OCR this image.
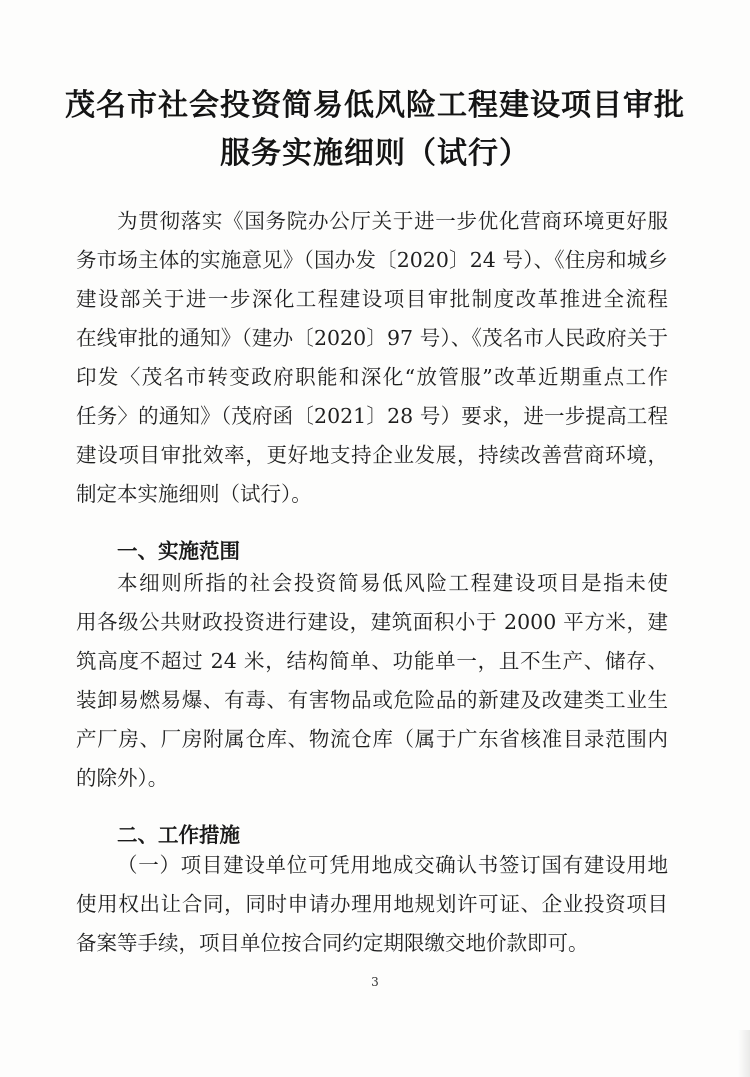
茂名市社会投资简易低风险工程建设项目审批
服务实施细则（试行）
为贯彻落实《国务院办公厅关于进一步优化营商环境更好服
务市场主体的实施意见》（国办发〔2020〕24 号）、《住房和城乡
建设部关于进一步深化工程建设项目审批制度改革推进全流程
在线审批的通知》（建办〔2020〕97 号）、《茂名市人民政府关于
印发〈茂名市转变政府职能和深化“放管服”改革近期重点工作
任务〉的通知》（茂府函〔2021〕28 号）要求，进一步提高工程
建设项目审批效率，更好地支持企业发展，持续改善营商环境，
制定本实施细则（试行）。
一、实施范围
本细则所指的社会投资简易低风险工程建设项目是指未使
用各级公共财政投资进行建设，建筑面积小于 2000 平方米，建
筑高度不超过 24 米，结构简单、功能单一，且不生产、储存、
装卸易燃易爆、有毒、有害物品或危险品的新建及改建类工业生
产厂房、厂房附属仓库、物流仓库（属于广东省核准目录范围内
的除外）。
二、工作措施
（一）项目建设单位可凭用地成交确认书签订国有建设用地
使用权出让合同，同时申请办理用地规划许可证、企业投资项目
备案等手续，项目单位按合同约定期限缴交地价款即可。
3
